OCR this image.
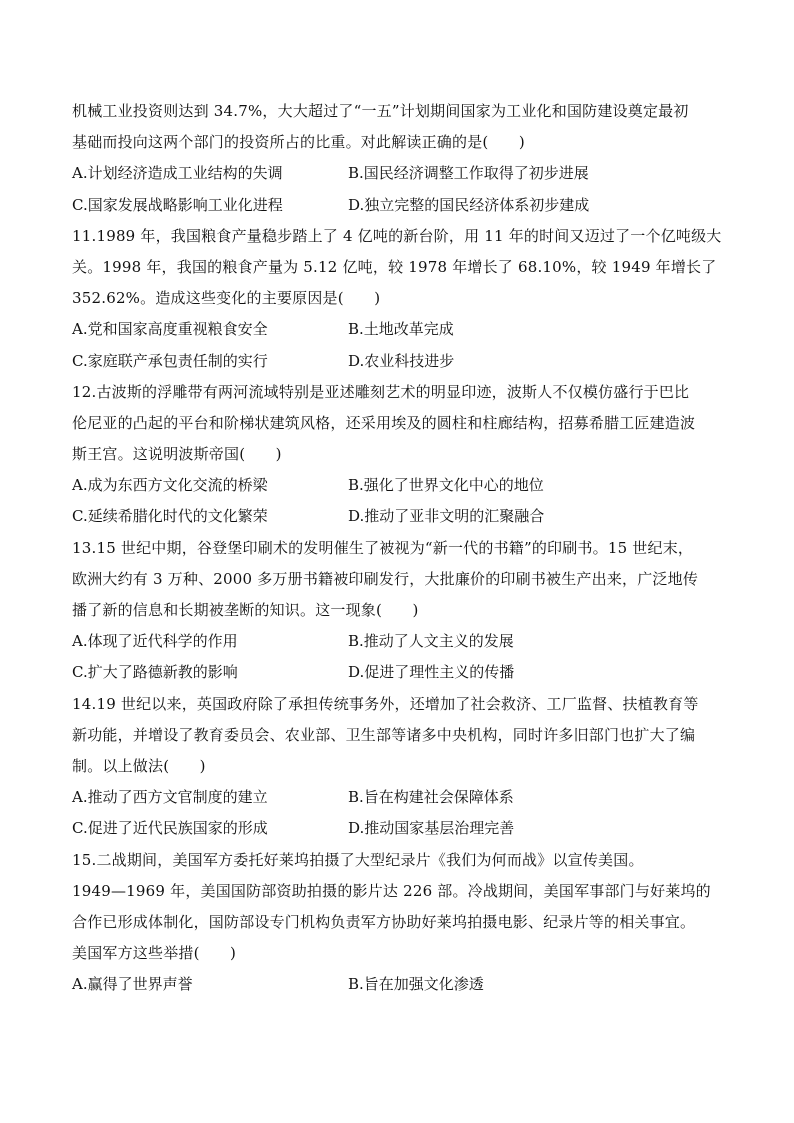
机械工业投资则达到 34.7%，大大超过了“一五”计划期间国家为工业化和国防建设奠定最初
基础而投向这两个部门的投资所占的比重。对此解读正确的是(　　)
A.计划经济造成工业结构的失调	B.国民经济调整工作取得了初步进展
C.国家发展战略影响工业化进程	D.独立完整的国民经济体系初步建成
11.1989 年，我国粮食产量稳步踏上了 4 亿吨的新台阶，用 11 年的时间又迈过了一个亿吨级大
关。1998 年，我国的粮食产量为 5.12 亿吨，较 1978 年增长了 68.10%，较 1949 年增长了
352.62%。造成这些变化的主要原因是(　　)
A.党和国家高度重视粮食安全	B.土地改革完成
C.家庭联产承包责任制的实行	D.农业科技进步
12.古波斯的浮雕带有两河流域特别是亚述雕刻艺术的明显印迹，波斯人不仅模仿盛行于巴比
伦尼亚的凸起的平台和阶梯状建筑风格，还采用埃及的圆柱和柱廊结构，招募希腊工匠建造波
斯王宫。这说明波斯帝国(　　)
A.成为东西方文化交流的桥梁	B.强化了世界文化中心的地位
C.延续希腊化时代的文化繁荣	D.推动了亚非文明的汇聚融合
13.15 世纪中期，谷登堡印刷术的发明催生了被视为“新一代的书籍”的印刷书。15 世纪末，
欧洲大约有 3 万种、2000 多万册书籍被印刷发行，大批廉价的印刷书被生产出来，广泛地传
播了新的信息和长期被垄断的知识。这一现象(　　)
A.体现了近代科学的作用	B.推动了人文主义的发展
C.扩大了路德新教的影响	D.促进了理性主义的传播
14.19 世纪以来，英国政府除了承担传统事务外，还增加了社会救济、工厂监督、扶植教育等
新功能，并增设了教育委员会、农业部、卫生部等诸多中央机构，同时许多旧部门也扩大了编
制。以上做法(　　)
A.推动了西方文官制度的建立	B.旨在构建社会保障体系
C.促进了近代民族国家的形成	D.推动国家基层治理完善
15.二战期间，美国军方委托好莱坞拍摄了大型纪录片《我们为何而战》以宣传美国。
1949—1969 年，美国国防部资助拍摄的影片达 226 部。冷战期间，美国军事部门与好莱坞的
合作已形成体制化，国防部设专门机构负责军方协助好莱坞拍摄电影、纪录片等的相关事宜。
美国军方这些举措(　　)
A.赢得了世界声誉	B.旨在加强文化渗透
